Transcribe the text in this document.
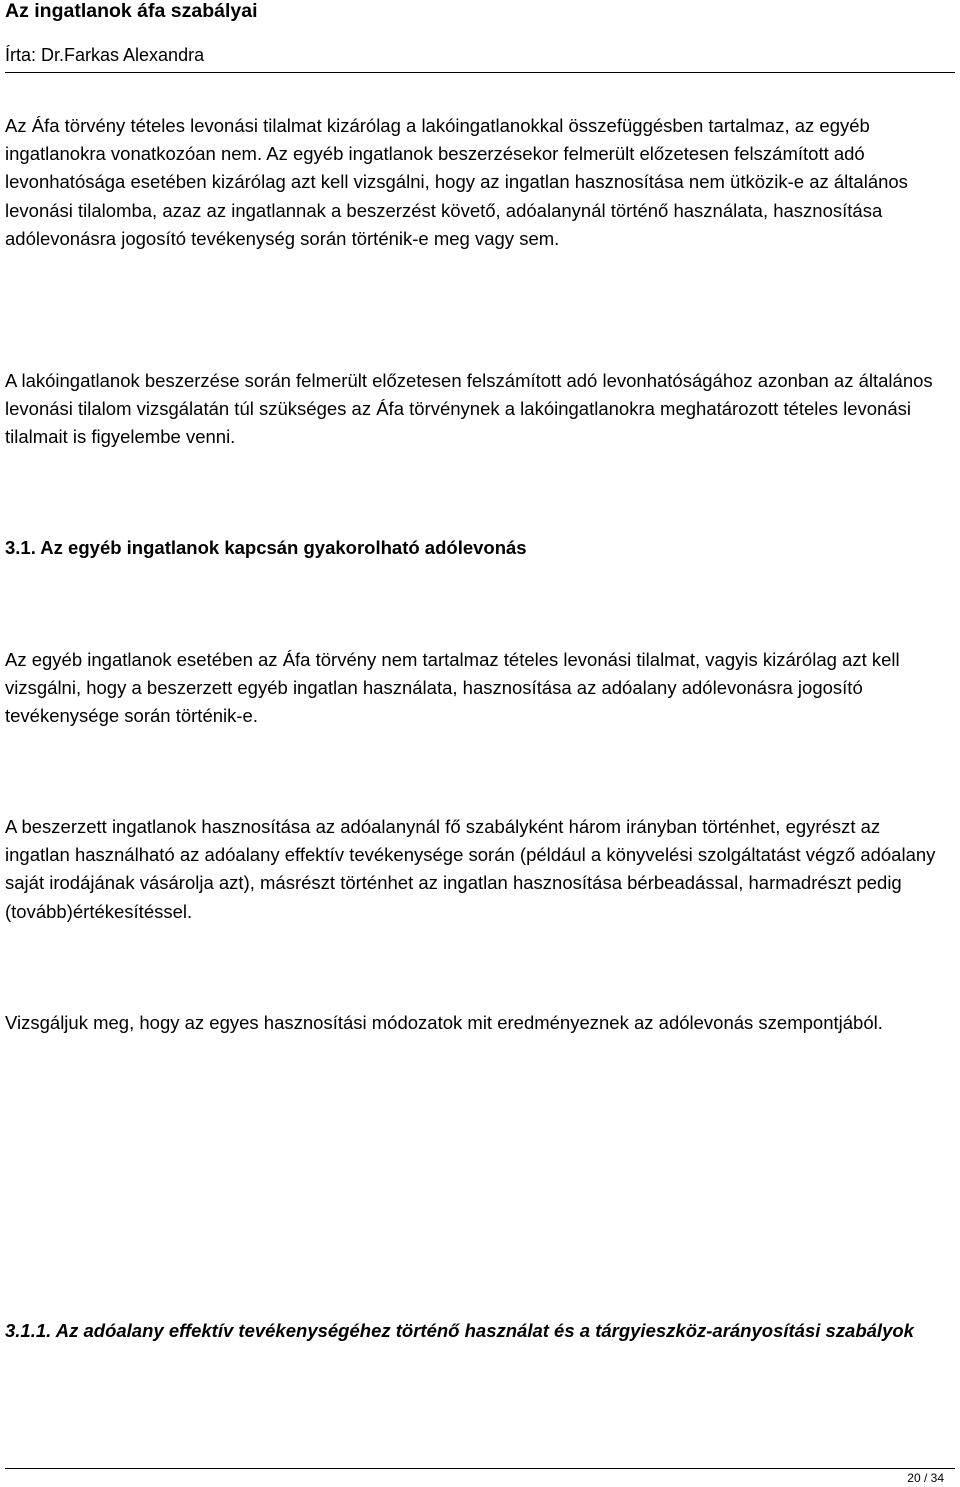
Az ingatlanok áfa szabályai

Írta: Dr.Farkas Alexandra

Az Áfa törvény tételes levonási tilalmat kizárólag a lakóingatlanokkal összefüggésben tartalmaz, az egyéb ingatlanokra vonatkozóan nem. Az egyéb ingatlanok beszerzésekor felmerült előzetesen felszámított adó levonhatósága esetében kizárólag azt kell vizsgálni, hogy az ingatlan hasznosítása nem ütközik-e az általános levonási tilalomba, azaz az ingatlannak a beszerzést követő, adóalanynál történő használata, hasznosítása adólevonásra jogosító tevékenység során történik-e meg vagy sem.

A lakóingatlanok beszerzése során felmerült előzetesen felszámított adó levonhatóságához azonban az általános levonási tilalom vizsgálatán túl szükséges az Áfa törvénynek a lakóingatlanokra meghatározott tételes levonási tilalmait is figyelembe venni.

3.1. Az egyéb ingatlanok kapcsán gyakorolható adólevonás

Az egyéb ingatlanok esetében az Áfa törvény nem tartalmaz tételes levonási tilalmat, vagyis kizárólag azt kell vizsgálni, hogy a beszerzett egyéb ingatlan használata, hasznosítása az adóalany adólevonásra jogosító tevékenysége során történik-e.

A beszerzett ingatlanok hasznosítása az adóalanynál fő szabályként három irányban történhet, egyrészt az ingatlan használható az adóalany effektív tevékenysége során (például a könyvelési szolgáltatást végző adóalany saját irodájának vásárolja azt), másrészt történhet az ingatlan hasznosítása bérbeadással, harmadrészt pedig (tovább)értékesítéssel.

Vizsgáljuk meg, hogy az egyes hasznosítási módozatok mit eredményeznek az adólevonás szempontjából.

3.1.1. Az adóalany effektív tevékenységéhez történő használat és a tárgyieszköz-arányosítási szabályok

20 / 34
